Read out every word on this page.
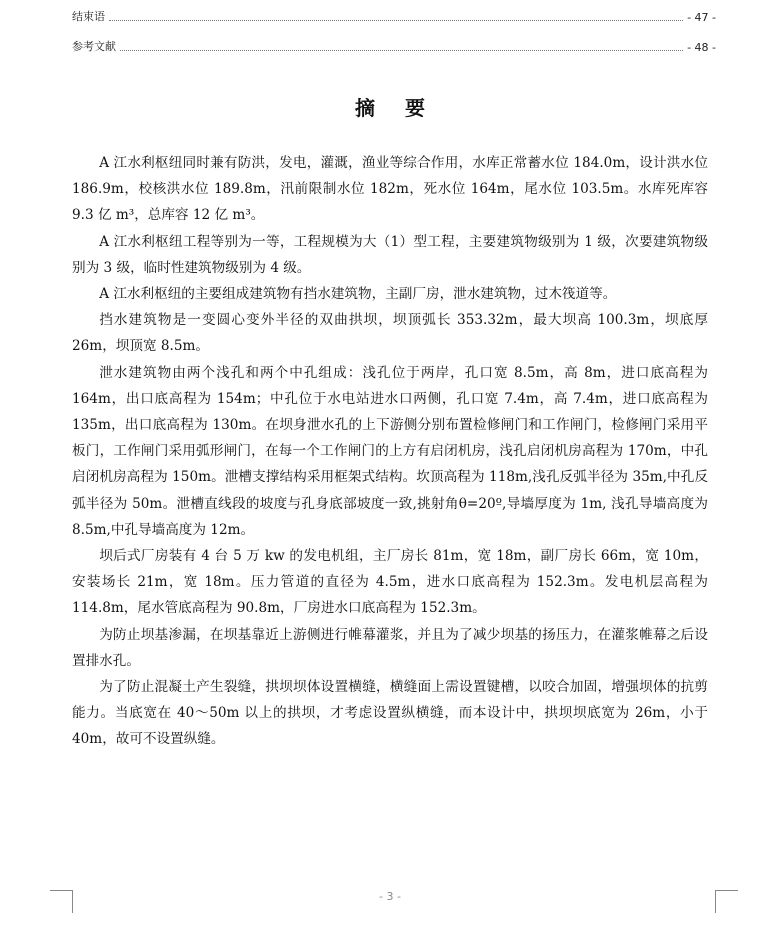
结束语	- 47 -
参考文献	- 48 -
摘要

A 江水利枢纽同时兼有防洪，发电，灌溉，渔业等综合作用，水库正常蓄水位 184.0m，设计洪水位 186.9m，校核洪水位 189.8m，汛前限制水位 182m，死水位 164m，尾水位 103.5m。水库死库容 9.3 亿 m³，总库容 12 亿 m³。

A 江水利枢纽工程等别为一等，工程规模为大（1）型工程，主要建筑物级别为 1 级，次要建筑物级别为 3 级，临时性建筑物级别为 4 级。

A 江水利枢纽的主要组成建筑物有挡水建筑物，主副厂房，泄水建筑物，过木筏道等。

挡水建筑物是一变圆心变外半径的双曲拱坝，坝顶弧长 353.32m，最大坝高 100.3m，坝底厚 26m，坝顶宽 8.5m。

泄水建筑物由两个浅孔和两个中孔组成：浅孔位于两岸，孔口宽 8.5m，高 8m，进口底高程为 164m，出口底高程为 154m；中孔位于水电站进水口两侧，孔口宽 7.4m，高 7.4m，进口底高程为 135m，出口底高程为 130m。在坝身泄水孔的上下游侧分别布置检修闸门和工作闸门，检修闸门采用平板门，工作闸门采用弧形闸门，在每一个工作闸门的上方有启闭机房，浅孔启闭机房高程为 170m，中孔启闭机房高程为 150m。泄槽支撑结构采用框架式结构。坎顶高程为 118m,浅孔反弧半径为 35m,中孔反弧半径为 50m。泄槽直线段的坡度与孔身底部坡度一致,挑射角θ=20º,导墙厚度为 1m, 浅孔导墙高度为 8.5m,中孔导墙高度为 12m。

坝后式厂房装有 4 台 5 万 kw 的发电机组，主厂房长 81m，宽 18m，副厂房长 66m，宽 10m，安装场长 21m，宽 18m。压力管道的直径为 4.5m，进水口底高程为 152.3m。发电机层高程为 114.8m，尾水管底高程为 90.8m，厂房进水口底高程为 152.3m。

为防止坝基渗漏，在坝基靠近上游侧进行帷幕灌浆，并且为了减少坝基的扬压力，在灌浆帷幕之后设置排水孔。

为了防止混凝土产生裂缝，拱坝坝体设置横缝，横缝面上需设置键槽，以咬合加固，增强坝体的抗剪能力。当底宽在 40～50m 以上的拱坝，才考虑设置纵横缝，而本设计中，拱坝坝底宽为 26m，小于 40m，故可不设置纵缝。

- 3 -
